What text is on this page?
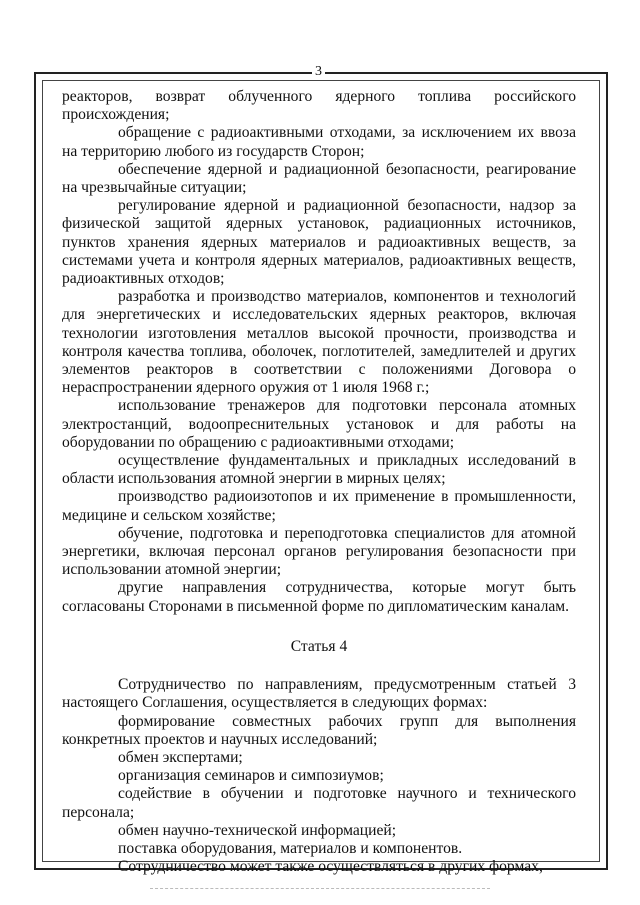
3

реакторов, возврат облученного ядерного топлива российского происхождения;

обращение с радиоактивными отходами, за исключением их ввоза на территорию любого из государств Сторон;

обеспечение ядерной и радиационной безопасности, реагирование на чрезвычайные ситуации;

регулирование ядерной и радиационной безопасности, надзор за физической защитой ядерных установок, радиационных источников, пунктов хранения ядерных материалов и радиоактивных веществ, за системами учета и контроля ядерных материалов, радиоактивных веществ, радиоактивных отходов;

разработка и производство материалов, компонентов и технологий для энергетических и исследовательских ядерных реакторов, включая технологии изготовления металлов высокой прочности, производства и контроля качества топлива, оболочек, поглотителей, замедлителей и других элементов реакторов в соответствии с положениями Договора о нераспространении ядерного оружия от 1 июля 1968 г.;

использование тренажеров для подготовки персонала атомных электростанций, водоопреснительных установок и для работы на оборудовании по обращению с радиоактивными отходами;

осуществление фундаментальных и прикладных исследований в области использования атомной энергии в мирных целях;

производство радиоизотопов и их применение в промышленности, медицине и сельском хозяйстве;

обучение, подготовка и переподготовка специалистов для атомной энергетики, включая персонал органов регулирования безопасности при использовании атомной энергии;

другие направления сотрудничества, которые могут быть согласованы Сторонами в письменной форме по дипломатическим каналам.

Статья 4

Сотрудничество по направлениям, предусмотренным статьей 3 настоящего Соглашения, осуществляется в следующих формах:

формирование совместных рабочих групп для выполнения конкретных проектов и научных исследований;

обмен экспертами;

организация семинаров и симпозиумов;

содействие в обучении и подготовке научного и технического персонала;

обмен научно-технической информацией;

поставка оборудования, материалов и компонентов.

Сотрудничество может также осуществляться в других формах,
